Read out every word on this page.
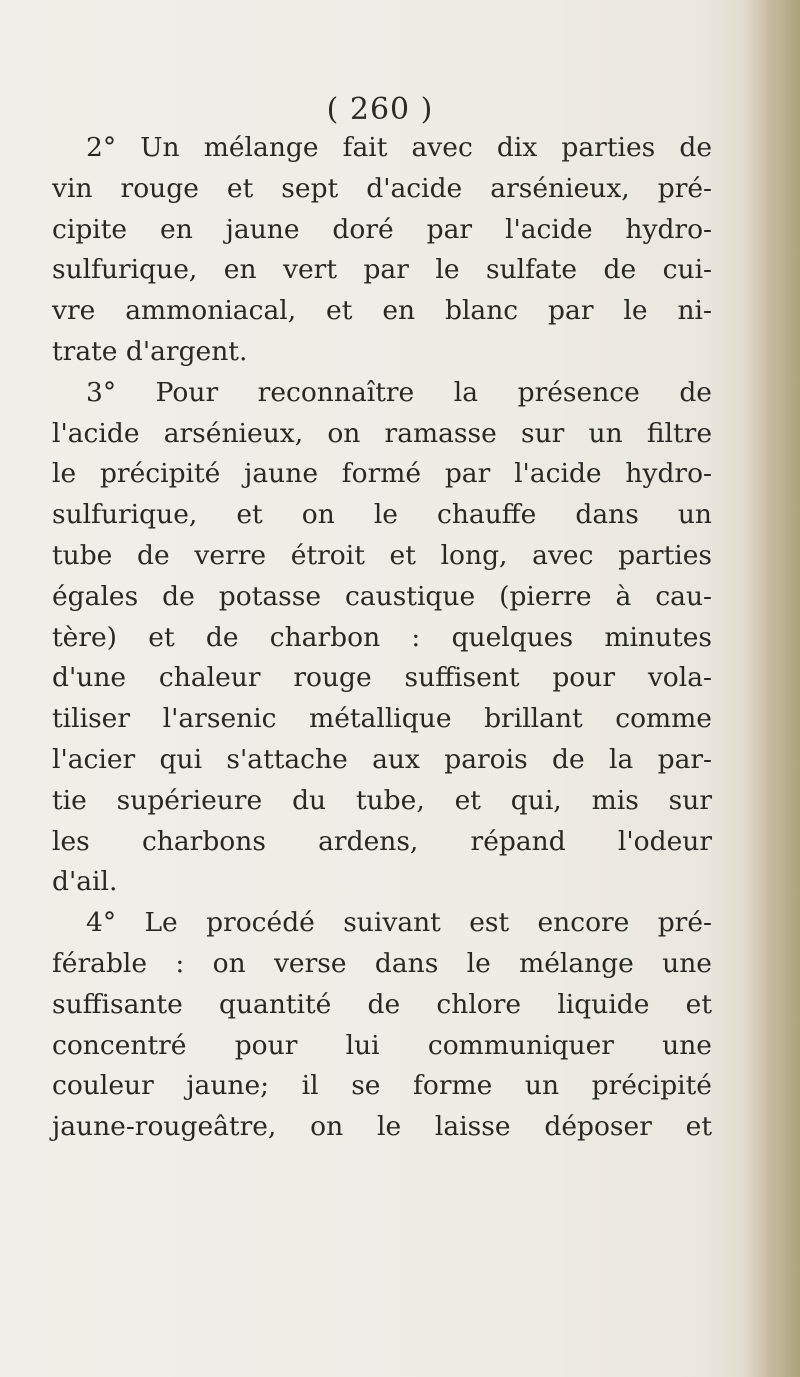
( 260 )
2° Un mélange fait avec dix parties de
vin rouge et sept d'acide arsénieux, pré-
cipite en jaune doré par l'acide hydro-
sulfurique, en vert par le sulfate de cui-
vre ammoniacal, et en blanc par le ni-
trate d'argent.
3° Pour reconnaître la présence de
l'acide arsénieux, on ramasse sur un filtre
le précipité jaune formé par l'acide hydro-
sulfurique, et on le chauffe dans un
tube de verre étroit et long, avec parties
égales de potasse caustique (pierre à cau-
tère) et de charbon : quelques minutes
d'une chaleur rouge suffisent pour vola-
tiliser l'arsenic métallique brillant comme
l'acier qui s'attache aux parois de la par-
tie supérieure du tube, et qui, mis sur
les charbons ardens, répand l'odeur
d'ail.
4° Le procédé suivant est encore pré-
férable : on verse dans le mélange une
suffisante quantité de chlore liquide et
concentré pour lui communiquer une
couleur jaune; il se forme un précipité
jaune-rougeâtre, on le laisse déposer et
